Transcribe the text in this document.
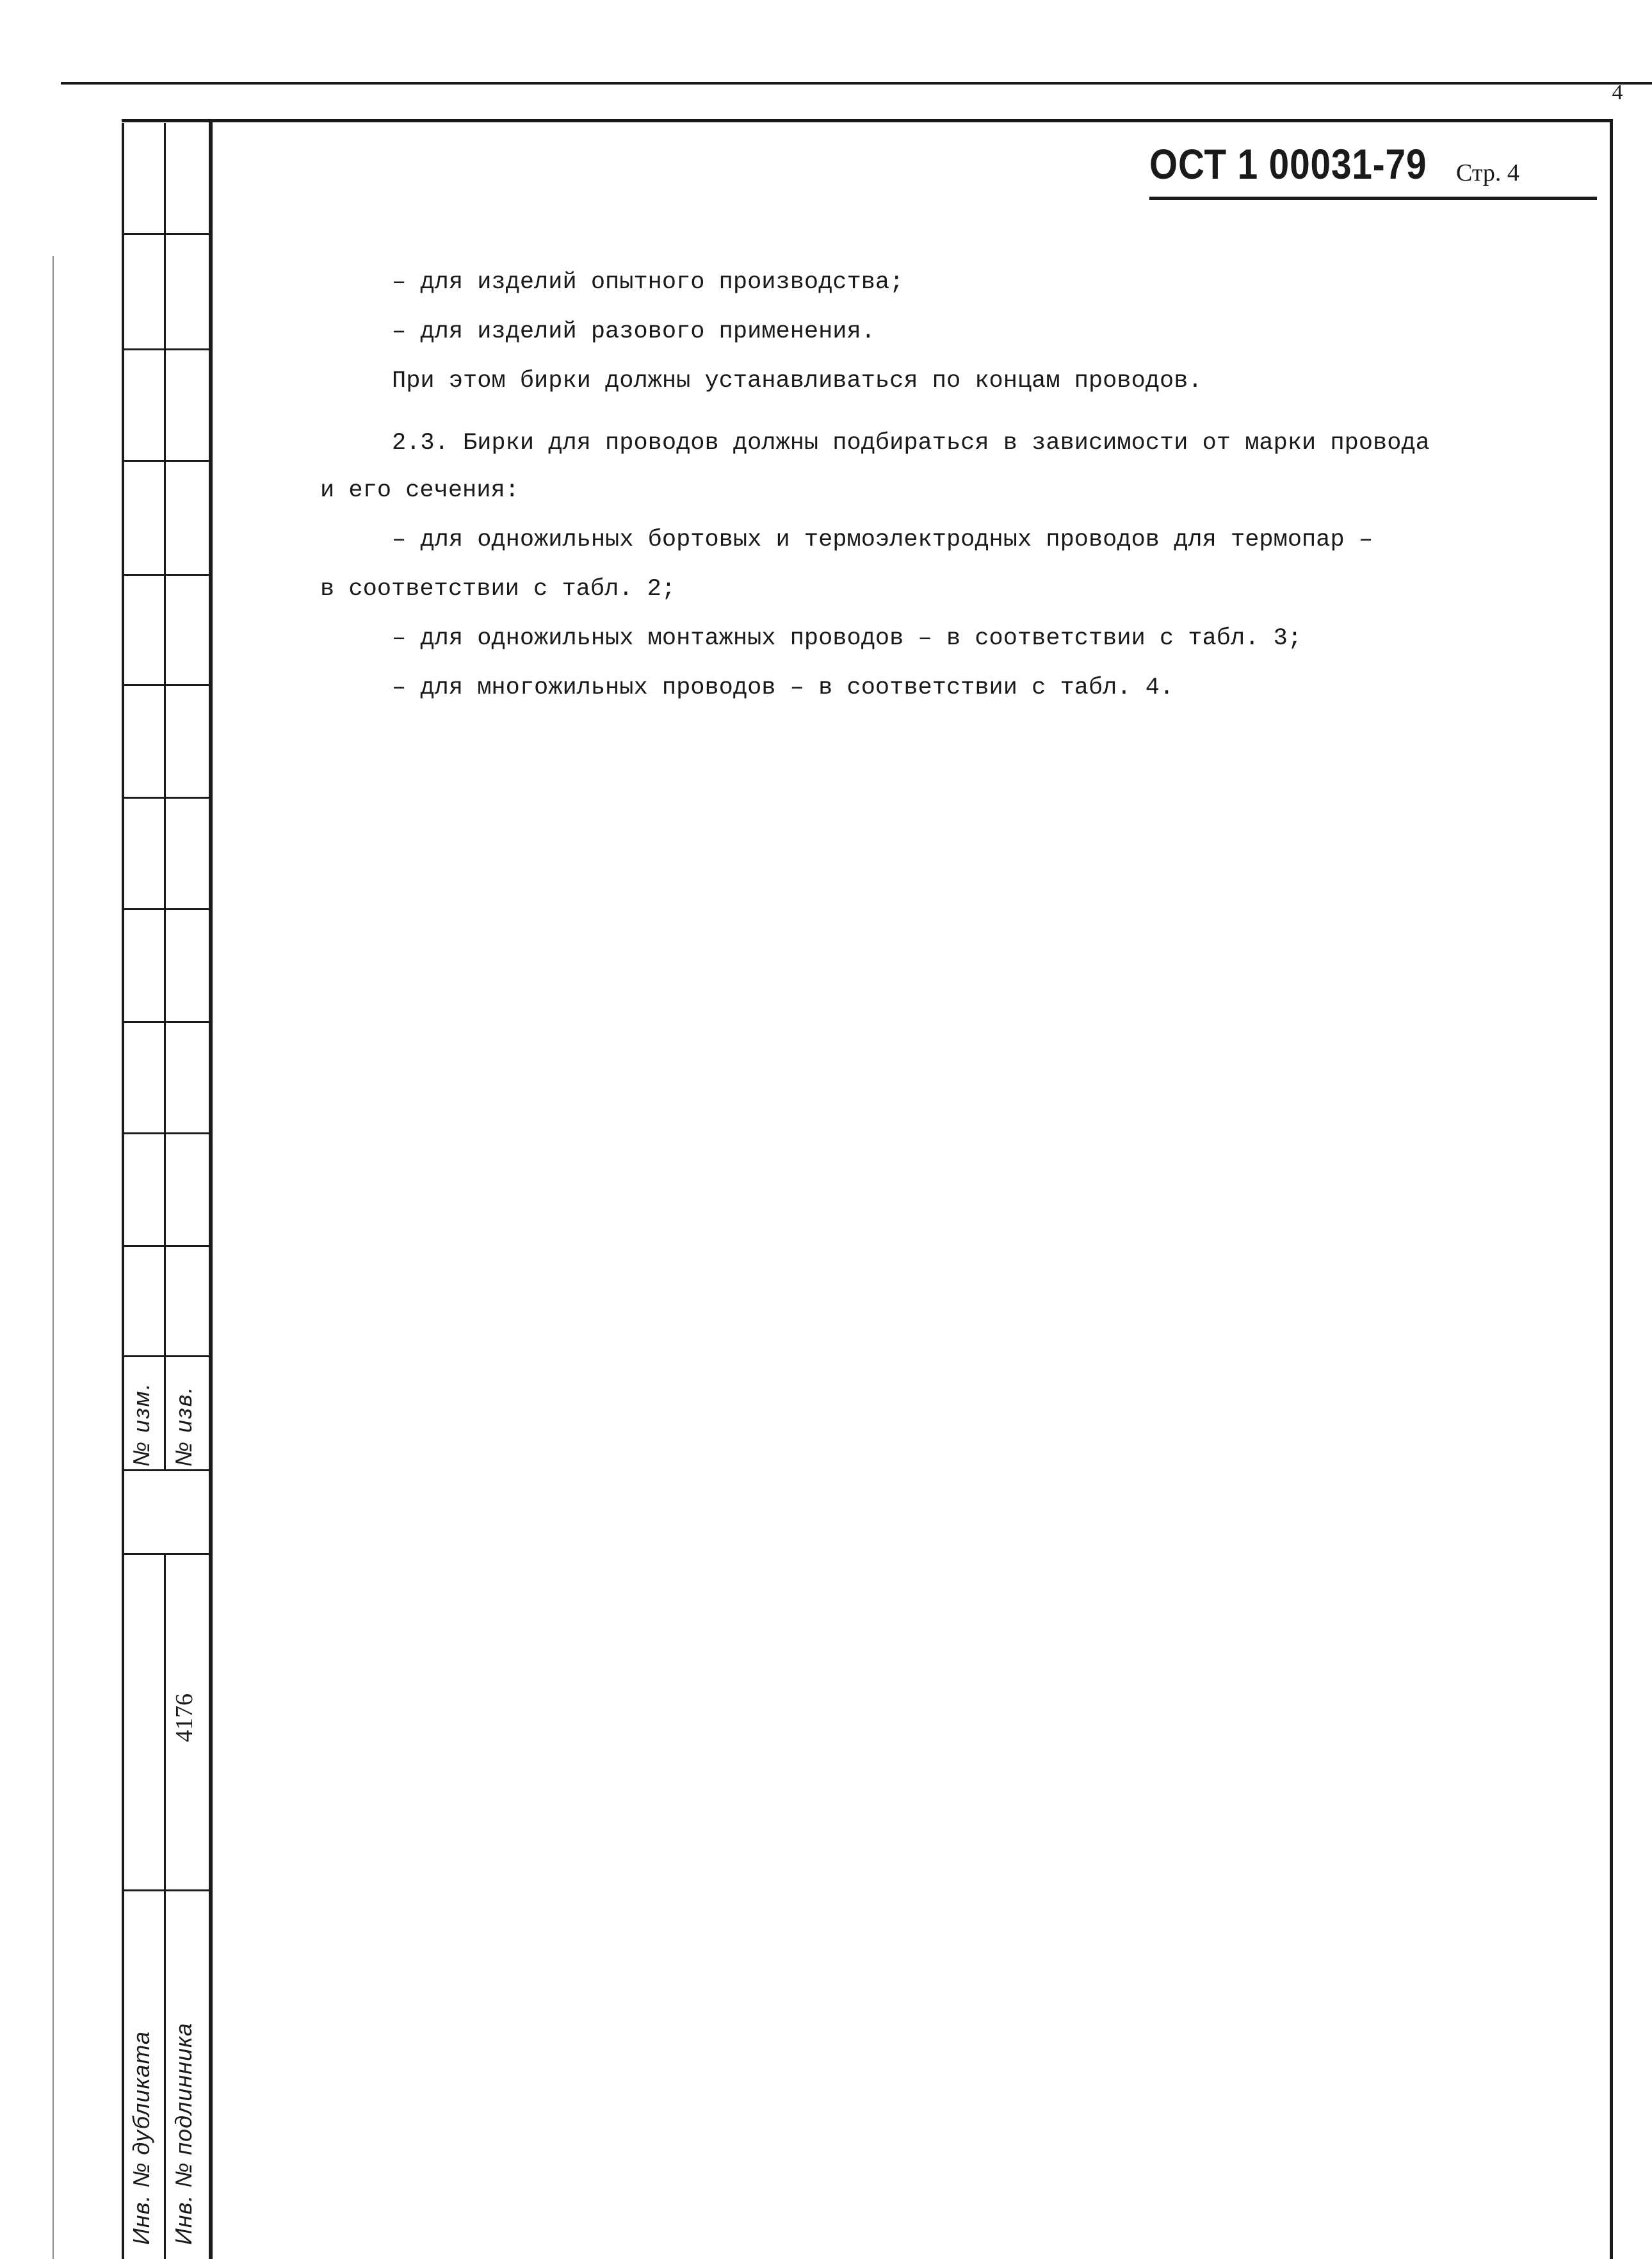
4
№ изм. № изв.
4176
Инв. № дубликата Инв. № подлинника
ОСТ 1 00031-79 Стр. 4
– для изделий опытного производства;
– для изделий разового применения.
При этом бирки должны устанавливаться по концам проводов.
2.3. Бирки для проводов должны подбираться в зависимости от марки провода
и его сечения:
– для одножильных бортовых и термоэлектродных проводов для термопар –
в соответствии с табл. 2;
– для одножильных монтажных проводов – в соответствии с табл. 3;
– для многожильных проводов – в соответствии с табл. 4.
